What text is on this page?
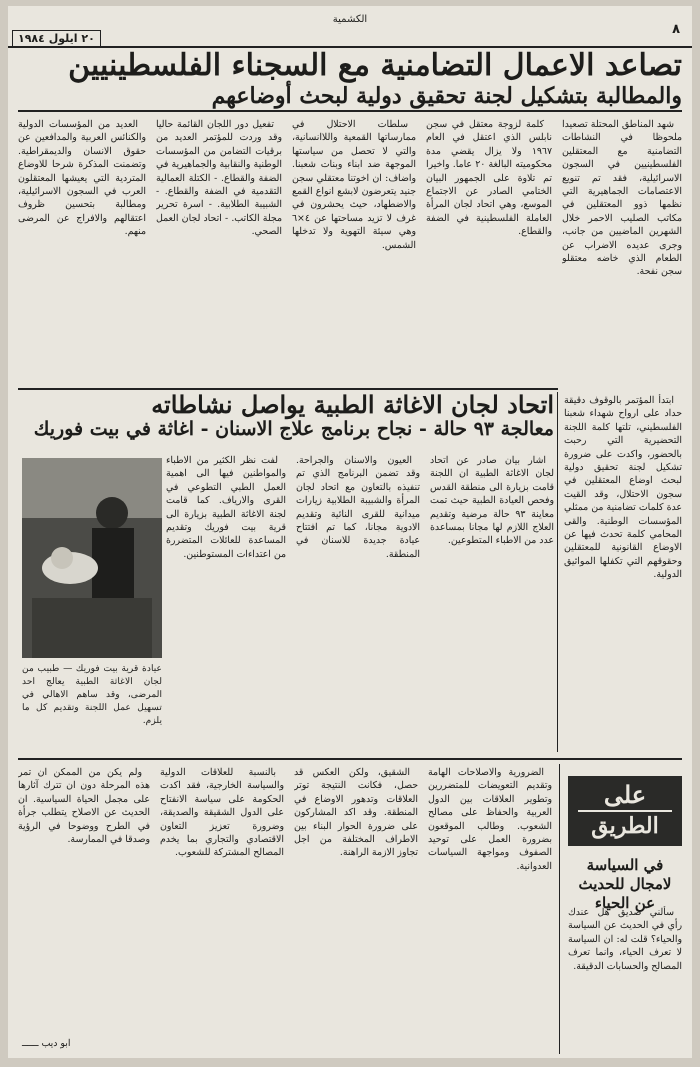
٨
الكشمية
٢٠ ايلول ١٩٨٤
تصاعد الاعمال التضامنية مع السجناء الفلسطينيين
والمطالبة بتشكيل لجنة تحقيق دولية لبحث أوضاعهم

شهد المناطق المحتلة تصعيدا ملحوظا في النشاطات التضامنية مع المعتقلين الفلسطينيين في السجون الاسرائيلية، فقد تم تنويع الاعتصامات الجماهيرية التي نظمها ذوو المعتقلين في مكاتب الصليب الاحمر خلال الشهرين الماضيين من جانب، وجرى عديده الاضراب عن الطعام الذي خاضه معتقلو سجن نفحة.

كلمة لزوجة معتقل في سجن نابلس الذي اعتقل في العام ١٩٦٧ ولا يزال يقضي مدة محكوميته البالغة ٢٠ عاما. واخيرا تم تلاوة على الجمهور البيان الختامي الصادر عن الاجتماع الموسع، وهي اتحاد لجان المرأة العاملة الفلسطينية في الضفة والقطاع.

سلطات الاحتلال في ممارساتها القمعية واللاانسانية، والتي لا تحصل من سياستها الموجهة ضد ابناء وبنات شعبنا. واضاف: ان اخوتنا معتقلي سجن جنيد يتعرضون لابشع انواع القمع والاضطهاد، حيث يحشرون في غرف لا تزيد مساحتها عن ٤×٦ وهي سيئة التهوية ولا تدخلها الشمس.

تفعيل دور اللجان القائمة حاليا وقد وردت للمؤتمر العديد من برقيات التضامن من المؤسسات الوطنية والنقابية والجماهيرية في الضفة والقطاع. - الكتلة العمالية التقدمية في الضفة والقطاع. - الشبيبة الطلابية. - اسرة تحرير مجلة الكاتب. - اتحاد لجان العمل الصحي.

العديد من المؤسسات الدولية والكنائس العربية والمدافعين عن حقوق الانسان والديمقراطية. وتضمنت المذكرة شرحا للاوضاع المتردية التي يعيشها المعتقلون العرب في السجون الاسرائيلية، ومطالبة بتحسين ظروف اعتقالهم والافراج عن المرضى منهم.

اتحاد لجان الاغاثة الطبية يواصل نشاطاته
معالجة ٩٣ حالة - نجاح برنامج علاج الاسنان - اغاثة في بيت فوريك

اشار بيان صادر عن اتحاد لجان الاغاثة الطبية ان اللجنة قامت بزيارة الى منطقة القدس وفحص العيادة الطبية حيث تمت معاينة ٩٣ حالة مرضية وتقديم العلاج اللازم لها مجانا بمساعدة عدد من الاطباء المتطوعين.

العيون والاسنان والجراحة. وقد تضمن البرنامج الذي تم تنفيذه بالتعاون مع اتحاد لجان المرأة والشبيبة الطلابية زيارات ميدانية للقرى النائية وتقديم الادوية مجانا، كما تم افتتاح عيادة جديدة للاسنان في المنطقة.

لفت نظر الكثير من الاطباء والمواطنين فيها الى اهمية العمل الطبي التطوعي في القرى والارياف. كما قامت لجنة الاغاثة الطبية بزيارة الى قرية بيت فوريك وتقديم المساعدة للعائلات المتضررة من اعتداءات المستوطنين.

عيادة قرية بيت فوريك — طبيب من لجان الاغاثة الطبية يعالج احد المرضى، وقد ساهم الاهالي في تسهيل عمل اللجنة وتقديم كل ما يلزم.

ابتدأ المؤتمر بالوقوف دقيقة حداد على ارواح شهداء شعبنا الفلسطيني، تلتها كلمة اللجنة التحضيرية التي رحبت بالحضور، واكدت على ضرورة تشكيل لجنة تحقيق دولية لبحث اوضاع المعتقلين في سجون الاحتلال، وقد القيت عدة كلمات تضامنية من ممثلي المؤسسات الوطنية. والقى المحامي كلمة تحدث فيها عن الاوضاع القانونية للمعتقلين وحقوقهم التي تكفلها المواثيق الدولية.

على
الطريق
في السياسة لامجال للحديث عن الحياء

سألني صديق هل عندك رأي في الحديث عن السياسة والحياء؟ قلت له: ان السياسة لا تعرف الحياء، وانما تعرف المصالح والحسابات الدقيقة.

الضرورية والاصلاحات الهامة وتقديم التعويضات للمتضررين وتطوير العلاقات بين الدول العربية والحفاظ على مصالح الشعوب. وطالب الموقعون بضرورة العمل على توحيد الصفوف ومواجهة السياسات العدوانية.

الشقيق، ولكن العكس قد حصل، فكانت النتيجة توتر العلاقات وتدهور الاوضاع في المنطقة. وقد اكد المشاركون على ضرورة الحوار البناء بين الاطراف المختلفة من اجل تجاوز الازمة الراهنة.

بالنسبة للعلاقات الدولية والسياسة الخارجية، فقد اكدت الحكومة على سياسة الانفتاح على الدول الشقيقة والصديقة، وضرورة تعزيز التعاون الاقتصادي والتجاري بما يخدم المصالح المشتركة للشعوب.

ولم يكن من الممكن ان تمر هذه المرحلة دون ان تترك آثارها على مجمل الحياة السياسية. ان الحديث عن الاصلاح يتطلب جرأة في الطرح ووضوحا في الرؤية وصدقا في الممارسة.

ابو ديب ــــــ
